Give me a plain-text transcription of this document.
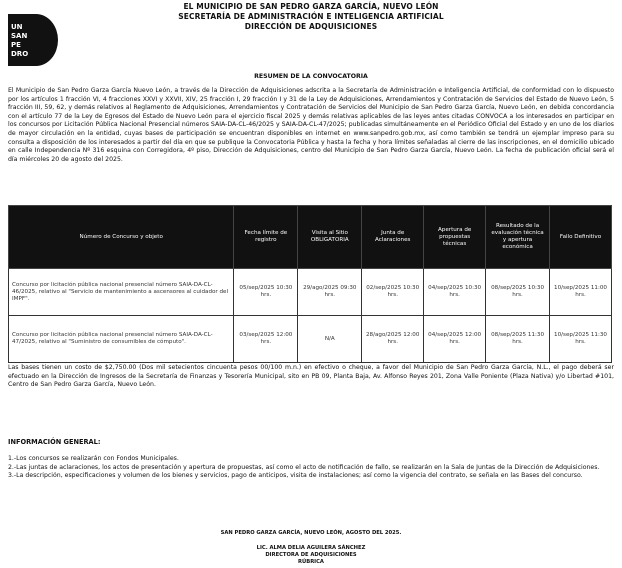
UN
SAN
PE
DRO
EL MUNICIPIO DE SAN PEDRO GARZA GARCÍA, NUEVO LEÓN
SECRETARÍA DE ADMINISTRACIÓN E INTELIGENCIA ARTIFICIAL
DIRECCIÓN DE ADQUISICIONES
RESUMEN DE LA CONVOCATORIA
El Municipio de San Pedro Garza García Nuevo León, a través de la Dirección de Adquisiciones adscrita a la Secretaría de Administración e Inteligencia Artificial, de conformidad con lo dispuesto por los artículos 1 fracción VI, 4 fracciones XXVI y XXVII, XIV, 25 fracción I, 29 fracción I y 31 de la Ley de Adquisiciones, Arrendamientos y Contratación de Servicios del Estado de Nuevo León, 5 fracción III, 59, 62, y demás relativos al Reglamento de Adquisiciones, Arrendamientos y Contratación de Servicios del Municipio de San Pedro Garza García, Nuevo León, en debida concordancia con el artículo 77 de la Ley de Egresos del Estado de Nuevo León para el ejercicio fiscal 2025 y demás relativas aplicables de las leyes antes citadas CONVOCA a los interesados en participar en los concursos por Licitación Pública Nacional Presencial números SAIA-DA-CL-46/2025 y SAIA-DA-CL-47/2025; publicadas simultáneamente en el Periódico Oficial del Estado y en uno de los diarios de mayor circulación en la entidad, cuyas bases de participación se encuentran disponibles en internet en www.sanpedro.gob.mx, así como también se tendrá un ejemplar impreso para su consulta a disposición de los interesados a partir del día en que se publique la Convocatoria Pública y hasta la fecha y hora límites señaladas al cierre de las inscripciones, en el domicilio ubicado en calle Independencia Nº 316 esquina con Corregidora, 4º piso, Dirección de Adquisiciones, centro del Municipio de San Pedro Garza García, Nuevo León. La fecha de publicación oficial será el día miércoles 20 de agosto del 2025.
Número de Concurso y objeto	Fecha límite de registro	Visita al Sitio OBLIGATORIA	Junta de Aclaraciones	Apertura de propuestas técnicas	Resultado de la evaluación técnica y apertura económica	Fallo Definitivo
Concurso por licitación pública nacional presencial número SAIA-DA-CL-46/2025, relativo al "Servicio de mantenimiento a ascensores al cuidador del IMPF".	05/sep/2025 10:30 hrs.	29/ago/2025 09:30 hrs.	02/sep/2025 10:30 hrs.	04/sep/2025 10:30 hrs.	08/sep/2025 10:30 hrs.	10/sep/2025 11:00 hrs.
Concurso por licitación pública nacional presencial número SAIA-DA-CL-47/2025, relativo al "Suministro de consumibles de cómputo".	03/sep/2025 12:00 hrs.	N/A	28/ago/2025 12:00 hrs.	04/sep/2025 12:00 hrs.	08/sep/2025 11:30 hrs.	10/sep/2025 11:30 hrs.
Las bases tienen un costo de $2,750.00 (Dos mil setecientos cincuenta pesos 00/100 m.n.) en efectivo o cheque, a favor del Municipio de San Pedro Garza García, N.L., el pago deberá ser efectuado en la Dirección de Ingresos de la Secretaría de Finanzas y Tesorería Municipal, sito en PB 09, Planta Baja, Av. Alfonso Reyes 201, Zona Valle Poniente (Plaza Nativa) y/o Libertad #101, Centro de San Pedro Garza García, Nuevo León.
INFORMACIÓN GENERAL:
1.-Los concursos se realizarán con Fondos Municipales.
2.-Las juntas de aclaraciones, los actos de presentación y apertura de propuestas, así como el acto de notificación de fallo, se realizarán en la Sala de Juntas de la Dirección de Adquisiciones.
3.-La descripción, especificaciones y volumen de los bienes y servicios, pago de anticipos, visita de instalaciones; así como la vigencia del contrato, se señala en las Bases del concurso.
SAN PEDRO GARZA GARCÍA, NUEVO LEÓN, AGOSTO DEL 2025.
LIC. ALMA DELIA AGUILERA SÁNCHEZ
DIRECTORA DE ADQUISICIONES
RÚBRICA
